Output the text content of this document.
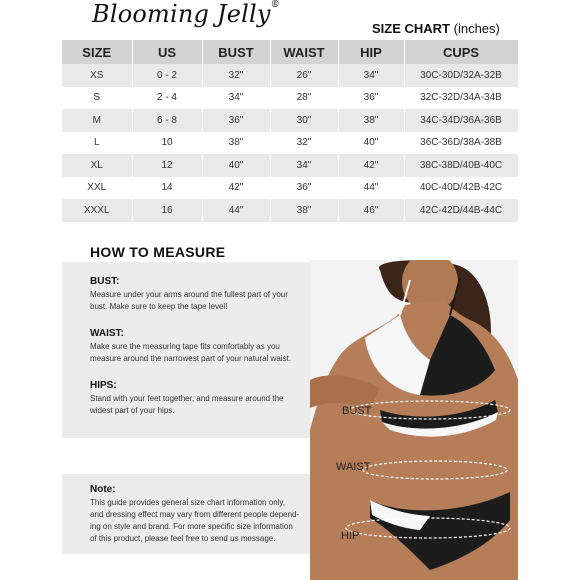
Blooming Jelly®
SIZE CHART (inches)
SIZE	US	BUST	WAIST	HIP	CUPS
XS	0 - 2	32"	26"	34"	30C-30D/32A-32B
S	2 - 4	34"	28"	36"	32C-32D/34A-34B
M	6 - 8	36"	30"	38"	34C-34D/36A-36B
L	10	38"	32"	40"	36C-36D/38A-38B
XL	12	40"	34"	42"	38C-38D/40B-40C
XXL	14	42"	36"	44"	40C-40D/42B-42C
XXXL	16	44"	38"	46"	42C-42D/44B-44C
HOW TO MEASURE
BUST:
Measure under your arms around the fullest part of your
bust. Make sure to keep the tape level!
WAIST:
Make sure the measuring tape fits comfortably as you
measure around the narrowest part of your natural waist.
HIPS:
Stand with your feet together, and measure around the
widest part of your hips.
Note:
This guide provides general size chart information only,
and dressing effect may vary from different people depend-
ing on style and brand. For more specific size information
of this product, please feel free to send us message.
BUST
WAIST
HIP
